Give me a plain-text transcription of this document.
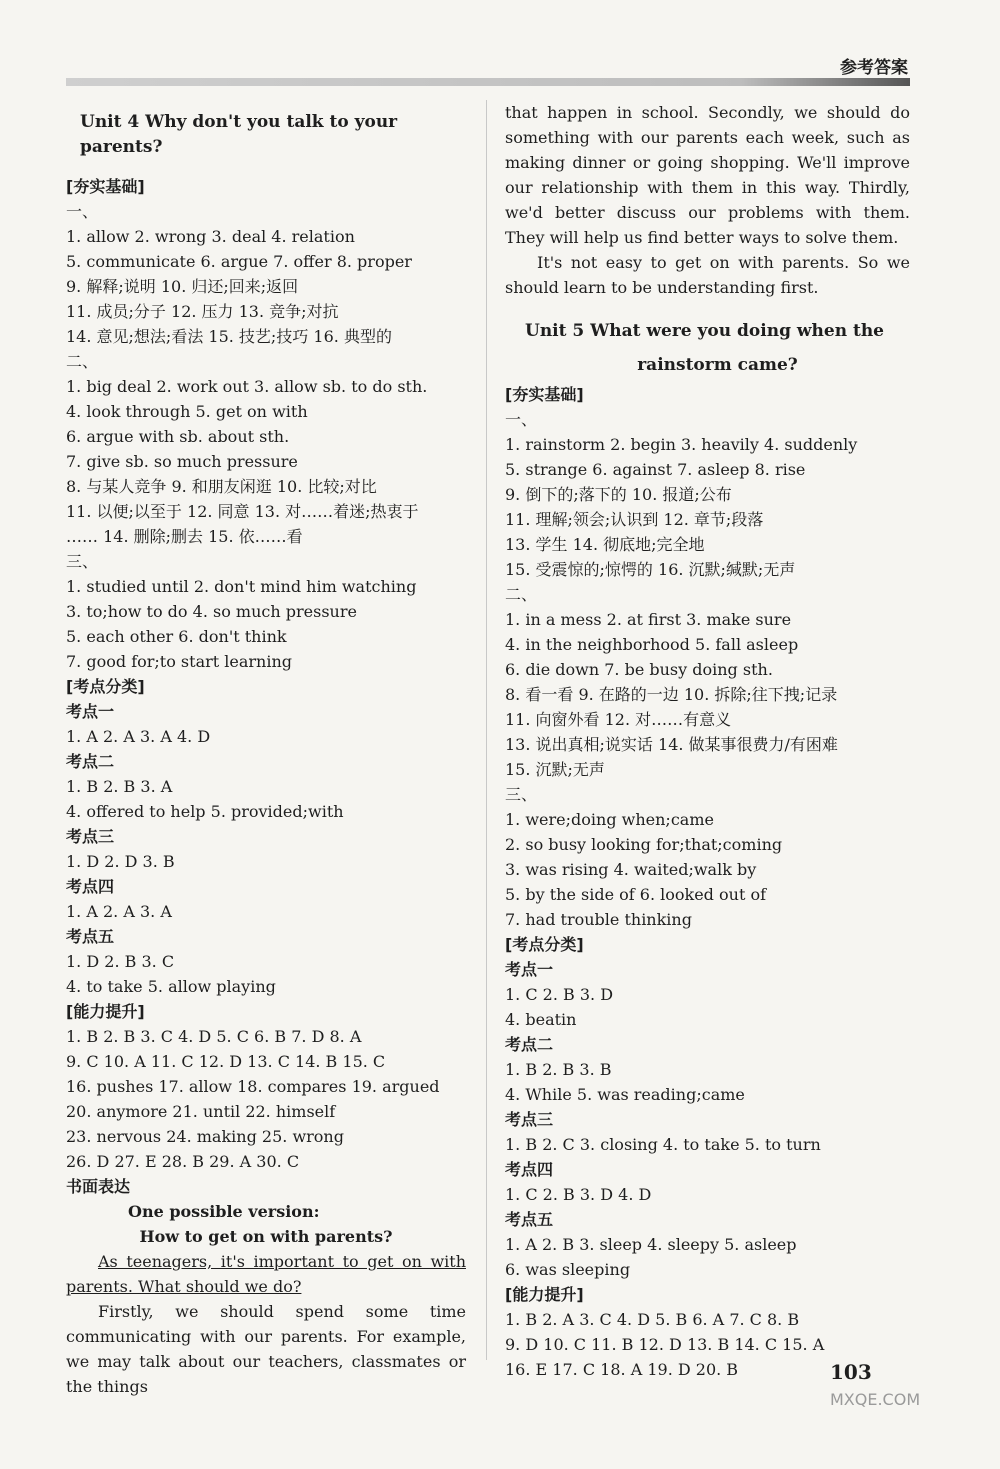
参考答案
Unit 4 Why don't you talk to your parents?
[夯实基础]
一、
1. allow 2. wrong 3. deal 4. relation
5. communicate 6. argue 7. offer 8. proper
9. 解释;说明 10. 归还;回来;返回
11. 成员;分子 12. 压力 13. 竞争;对抗
14. 意见;想法;看法 15. 技艺;技巧 16. 典型的
二、
1. big deal 2. work out 3. allow sb. to do sth.
4. look through 5. get on with
6. argue with sb. about sth.
7. give sb. so much pressure
8. 与某人竞争 9. 和朋友闲逛 10. 比较;对比
11. 以便;以至于 12. 同意 13. 对……着迷;热衷于
…… 14. 删除;删去 15. 依……看
三、
1. studied until 2. don't mind him watching
3. to;how to do 4. so much pressure
5. each other 6. don't think
7. good for;to start learning
[考点分类]
考点一
1. A 2. A 3. A 4. D
考点二
1. B 2. B 3. A
4. offered to help 5. provided;with
考点三
1. D 2. D 3. B
考点四
1. A 2. A 3. A
考点五
1. D 2. B 3. C
4. to take 5. allow playing
[能力提升]
1. B 2. B 3. C 4. D 5. C 6. B 7. D 8. A
9. C 10. A 11. C 12. D 13. C 14. B 15. C
16. pushes 17. allow 18. compares 19. argued
20. anymore 21. until 22. himself
23. nervous 24. making 25. wrong
26. D 27. E 28. B 29. A 30. C
书面表达
One possible version:
How to get on with parents?
As teenagers, it's important to get on with parents. What should we do?
Firstly, we should spend some time communicating with our parents. For example, we may talk about our teachers, classmates or the things
that happen in school. Secondly, we should do something with our parents each week, such as making dinner or going shopping. We'll improve our relationship with them in this way. Thirdly, we'd better discuss our problems with them. They will help us find better ways to solve them.
It's not easy to get on with parents. So we should learn to be understanding first.
Unit 5 What were you doing when the
rainstorm came?
[夯实基础]
一、
1. rainstorm 2. begin 3. heavily 4. suddenly
5. strange 6. against 7. asleep 8. rise
9. 倒下的;落下的 10. 报道;公布
11. 理解;领会;认识到 12. 章节;段落
13. 学生 14. 彻底地;完全地
15. 受震惊的;惊愕的 16. 沉默;缄默;无声
二、
1. in a mess 2. at first 3. make sure
4. in the neighborhood 5. fall asleep
6. die down 7. be busy doing sth.
8. 看一看 9. 在路的一边 10. 拆除;往下拽;记录
11. 向窗外看 12. 对……有意义
13. 说出真相;说实话 14. 做某事很费力/有困难
15. 沉默;无声
三、
1. were;doing when;came
2. so busy looking for;that;coming
3. was rising 4. waited;walk by
5. by the side of 6. looked out of
7. had trouble thinking
[考点分类]
考点一
1. C 2. B 3. D
4. beatin
考点二
1. B 2. B 3. B
4. While 5. was reading;came
考点三
1. B 2. C 3. closing 4. to take 5. to turn
考点四
1. C 2. B 3. D 4. D
考点五
1. A 2. B 3. sleep 4. sleepy 5. asleep
6. was sleeping
[能力提升]
1. B 2. A 3. C 4. D 5. B 6. A 7. C 8. B
9. D 10. C 11. B 12. D 13. B 14. C 15. A
16. E 17. C 18. A 19. D 20. B	103
MXQE.COM
